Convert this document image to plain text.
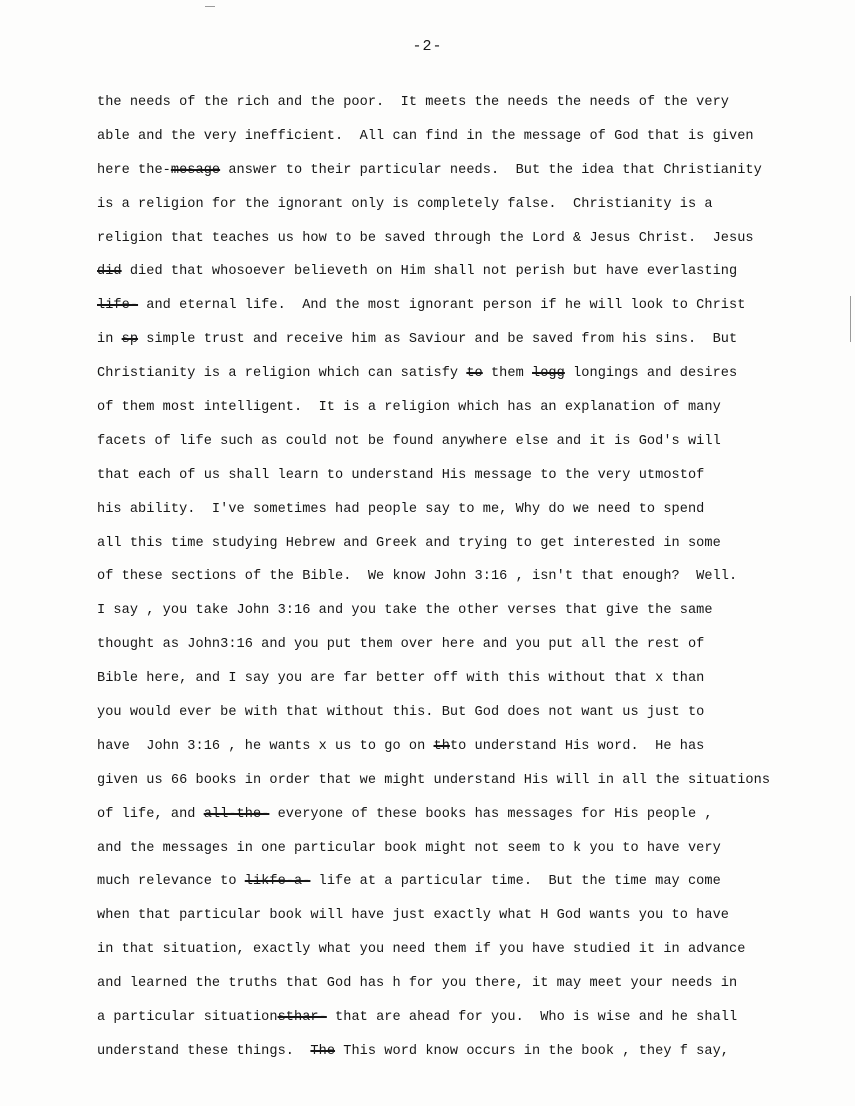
-2-
the needs of the rich and the poor.  It meets the needs the needs of the very
able and the very inefficient.  All can find in the message of God that is given
here the-mesage answer to their particular needs.  But the idea that Christianity
is a religion for the ignorant only is completely false.  Christianity is a
religion that teaches us how to be saved through the Lord & Jesus Christ.  Jesus
did died that whosoever believeth on Him shall not perish but have everlasting
life- and eternal life.  And the most ignorant person if he will look to Christ
in sp simple trust and receive him as Saviour and be saved from his sins.  But
Christianity is a religion which can satisfy to them logg longings and desires
of them most intelligent.  It is a religion which has an explanation of many
facets of life such as could not be found anywhere else and it is God's will
that each of us shall learn to understand His message to the very utmostof
his ability.  I've sometimes had people say to me, Why do we need to spend
all this time studying Hebrew and Greek and trying to get interested in some
of these sections of the Bible.  We know John 3:16 , isn't that enough?  Well.
I say , you take John 3:16 and you take the other verses that give the same
thought as John3:16 and you put them over here and you put all the rest of
Bible here, and I say you are far better off with this without that x than
you would ever be with that without this. But God does not want us just to
have  John 3:16 , he wants x us to go on thto understand His word.  He has
given us 66 books in order that we might understand His will in all the situations
of life, and all-the- everyone of these books has messages for His people ,
and the messages in one particular book might not seem to k you to have very
much relevance to likfe-a- life at a particular time.  But the time may come
when that particular book will have just exactly what H God wants you to have
in that situation, exactly what you need them if you have studied it in advance
and learned the truths that God has h for you there, it may meet your needs in
a particular situationsthar- that are ahead for you.  Who is wise and he shall
understand these things.  The This word know occurs in the book , they f say,
